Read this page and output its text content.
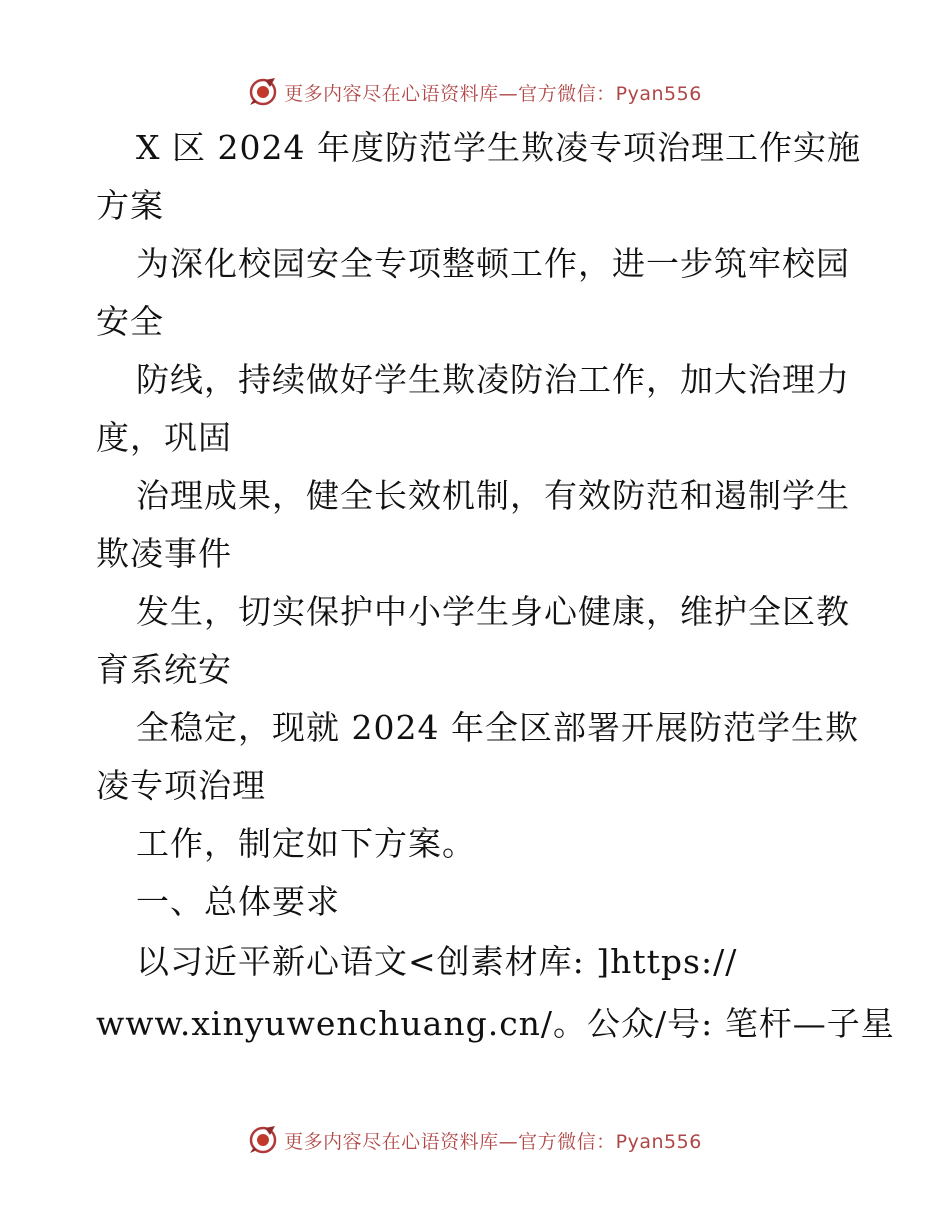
更多内容尽在心语资料库—官方微信：Pyan556
X 区 2024 年度防范学生欺凌专项治理工作实施
方案
为深化校园安全专项整顿工作，进一步筑牢校园
安全
防线，持续做好学生欺凌防治工作，加大治理力
度，巩固
治理成果，健全长效机制，有效防范和遏制学生
欺凌事件
发生，切实保护中小学生身心健康，维护全区教
育系统安
全稳定，现就 2024 年全区部署开展防范学生欺
凌专项治理
工作，制定如下方案。
一、总体要求
以习近平新心语文<创素材库: ]https://
www.xinyuwenchuang.cn/。公众/号: 笔杆—子星
更多内容尽在心语资料库—官方微信：Pyan556
